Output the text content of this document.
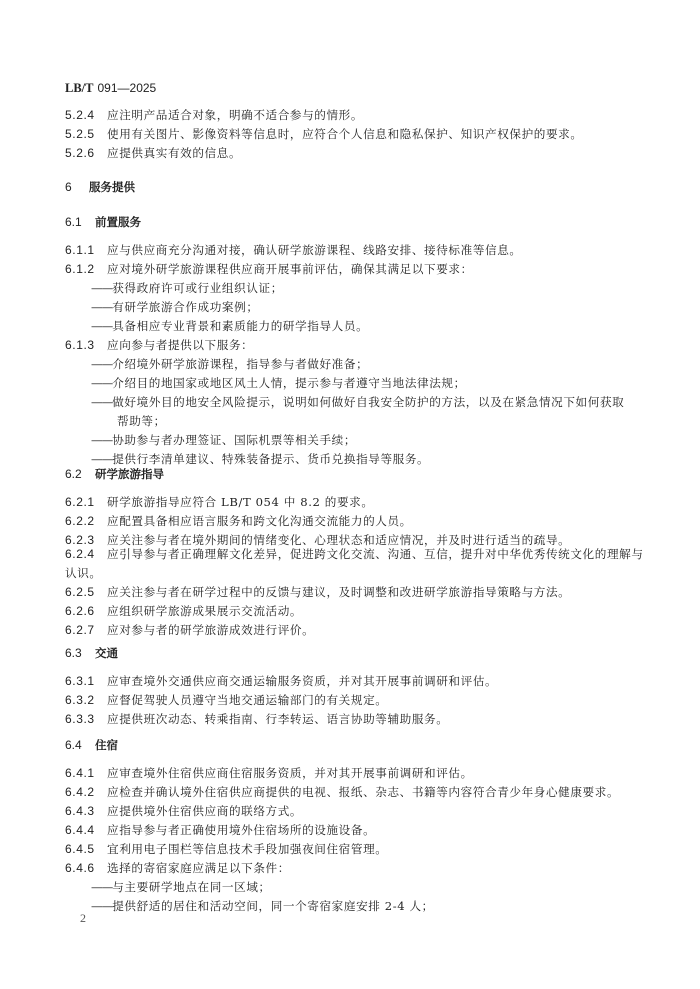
LB/T 091—2025
5.2.4 应注明产品适合对象，明确不适合参与的情形。
5.2.5 使用有关图片、影像资料等信息时，应符合个人信息和隐私保护、知识产权保护的要求。
5.2.6 应提供真实有效的信息。
6 服务提供
6.1 前置服务
6.1.1 应与供应商充分沟通对接，确认研学旅游课程、线路安排、接待标准等信息。
6.1.2 应对境外研学旅游课程供应商开展事前评估，确保其满足以下要求：
——获得政府许可或行业组织认证；
——有研学旅游合作成功案例；
——具备相应专业背景和素质能力的研学指导人员。
6.1.3 应向参与者提供以下服务：
——介绍境外研学旅游课程，指导参与者做好准备；
——介绍目的地国家或地区风土人情，提示参与者遵守当地法律法规；
——做好境外目的地安全风险提示，说明如何做好自我安全防护的方法，以及在紧急情况下如何获取
帮助等；
——协助参与者办理签证、国际机票等相关手续；
——提供行李清单建议、特殊装备提示、货币兑换指导等服务。
6.2 研学旅游指导
6.2.1 研学旅游指导应符合 LB/T 054 中 8.2 的要求。
6.2.2 应配置具备相应语言服务和跨文化沟通交流能力的人员。
6.2.3 应关注参与者在境外期间的情绪变化、心理状态和适应情况，并及时进行适当的疏导。
6.2.4 应引导参与者正确理解文化差异，促进跨文化交流、沟通、互信，提升对中华优秀传统文化的理解与
认识。
6.2.5 应关注参与者在研学过程中的反馈与建议，及时调整和改进研学旅游指导策略与方法。
6.2.6 应组织研学旅游成果展示交流活动。
6.2.7 应对参与者的研学旅游成效进行评价。
6.3 交通
6.3.1 应审查境外交通供应商交通运输服务资质，并对其开展事前调研和评估。
6.3.2 应督促驾驶人员遵守当地交通运输部门的有关规定。
6.3.3 应提供班次动态、转乘指南、行李转运、语言协助等辅助服务。
6.4 住宿
6.4.1 应审查境外住宿供应商住宿服务资质，并对其开展事前调研和评估。
6.4.2 应检查并确认境外住宿供应商提供的电视、报纸、杂志、书籍等内容符合青少年身心健康要求。
6.4.3 应提供境外住宿供应商的联络方式。
6.4.4 应指导参与者正确使用境外住宿场所的设施设备。
6.4.5 宜利用电子围栏等信息技术手段加强夜间住宿管理。
6.4.6 选择的寄宿家庭应满足以下条件：
——与主要研学地点在同一区域；
——提供舒适的居住和活动空间，同一个寄宿家庭安排 2-4 人；
2
